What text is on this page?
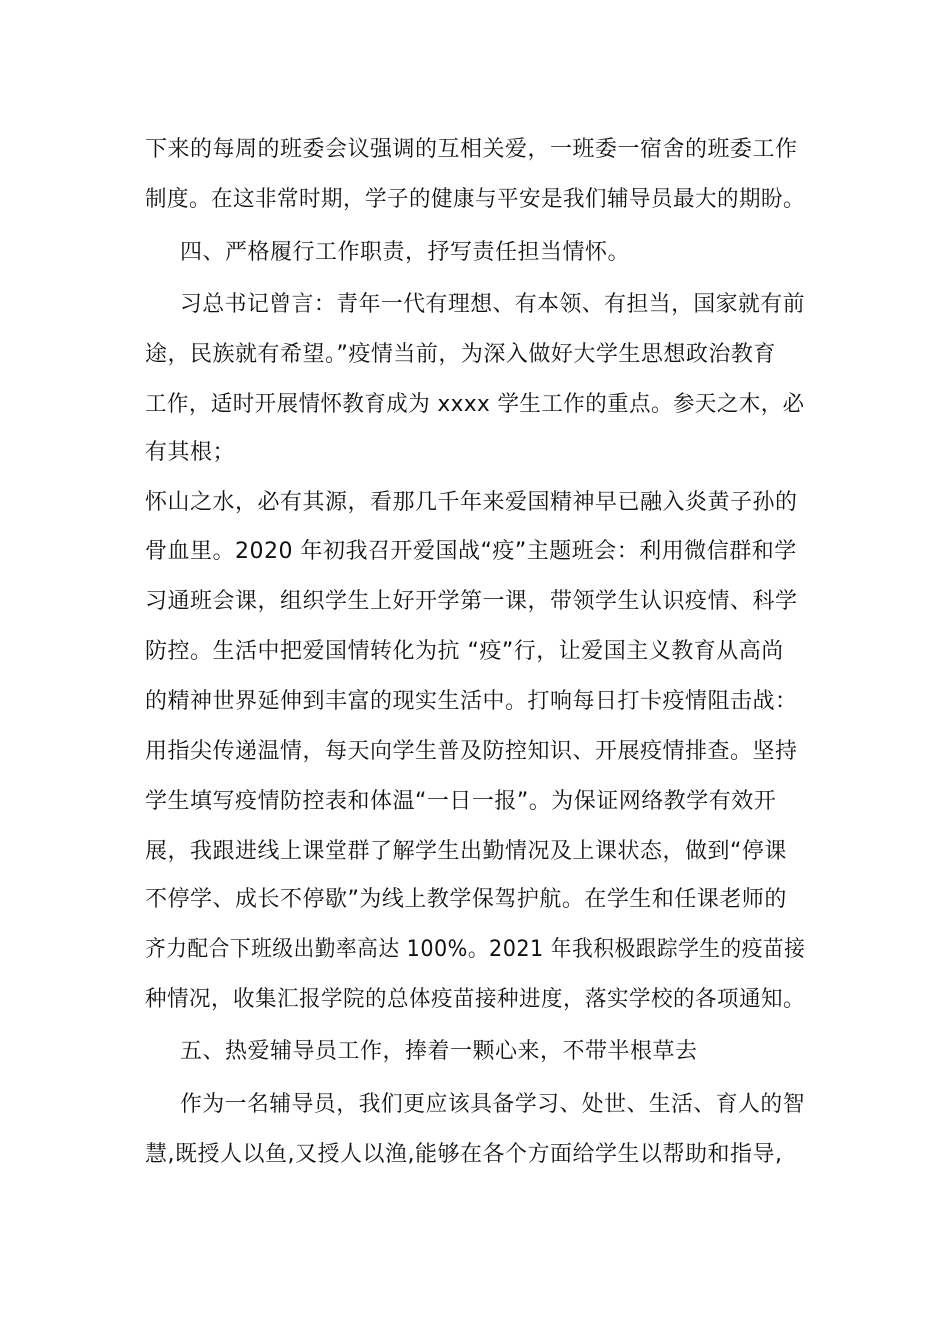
下来的每周的班委会议强调的互相关爱，一班委一宿舍的班委工作
制度。在这非常时期，学子的健康与平安是我们辅导员最大的期盼。
四、严格履行工作职责，抒写责任担当情怀。
习总书记曾言：青年一代有理想、有本领、有担当，国家就有前
途，民族就有希望。”疫情当前，为深入做好大学生思想政治教育
工作，适时开展情怀教育成为 xxxx 学生工作的重点。参天之木，必
有其根；
怀山之水，必有其源，看那几千年来爱国精神早已融入炎黄子孙的
骨血里。2020 年初我召开爱国战“疫”主题班会：利用微信群和学
习通班会课，组织学生上好开学第一课，带领学生认识疫情、科学
防控。生活中把爱国情转化为抗 “疫”行，让爱国主义教育从高尚
的精神世界延伸到丰富的现实生活中。打响每日打卡疫情阻击战：
用指尖传递温情，每天向学生普及防控知识、开展疫情排查。坚持
学生填写疫情防控表和体温“一日一报”。为保证网络教学有效开
展，我跟进线上课堂群了解学生出勤情况及上课状态，做到“停课
不停学、成长不停歇”为线上教学保驾护航。在学生和任课老师的
齐力配合下班级出勤率高达 100%。2021 年我积极跟踪学生的疫苗接
种情况，收集汇报学院的总体疫苗接种进度，落实学校的各项通知。
五、热爱辅导员工作，捧着一颗心来，不带半根草去
作为一名辅导员，我们更应该具备学习、处世、生活、育人的智
慧,既授人以鱼,又授人以渔,能够在各个方面给学生以帮助和指导,
